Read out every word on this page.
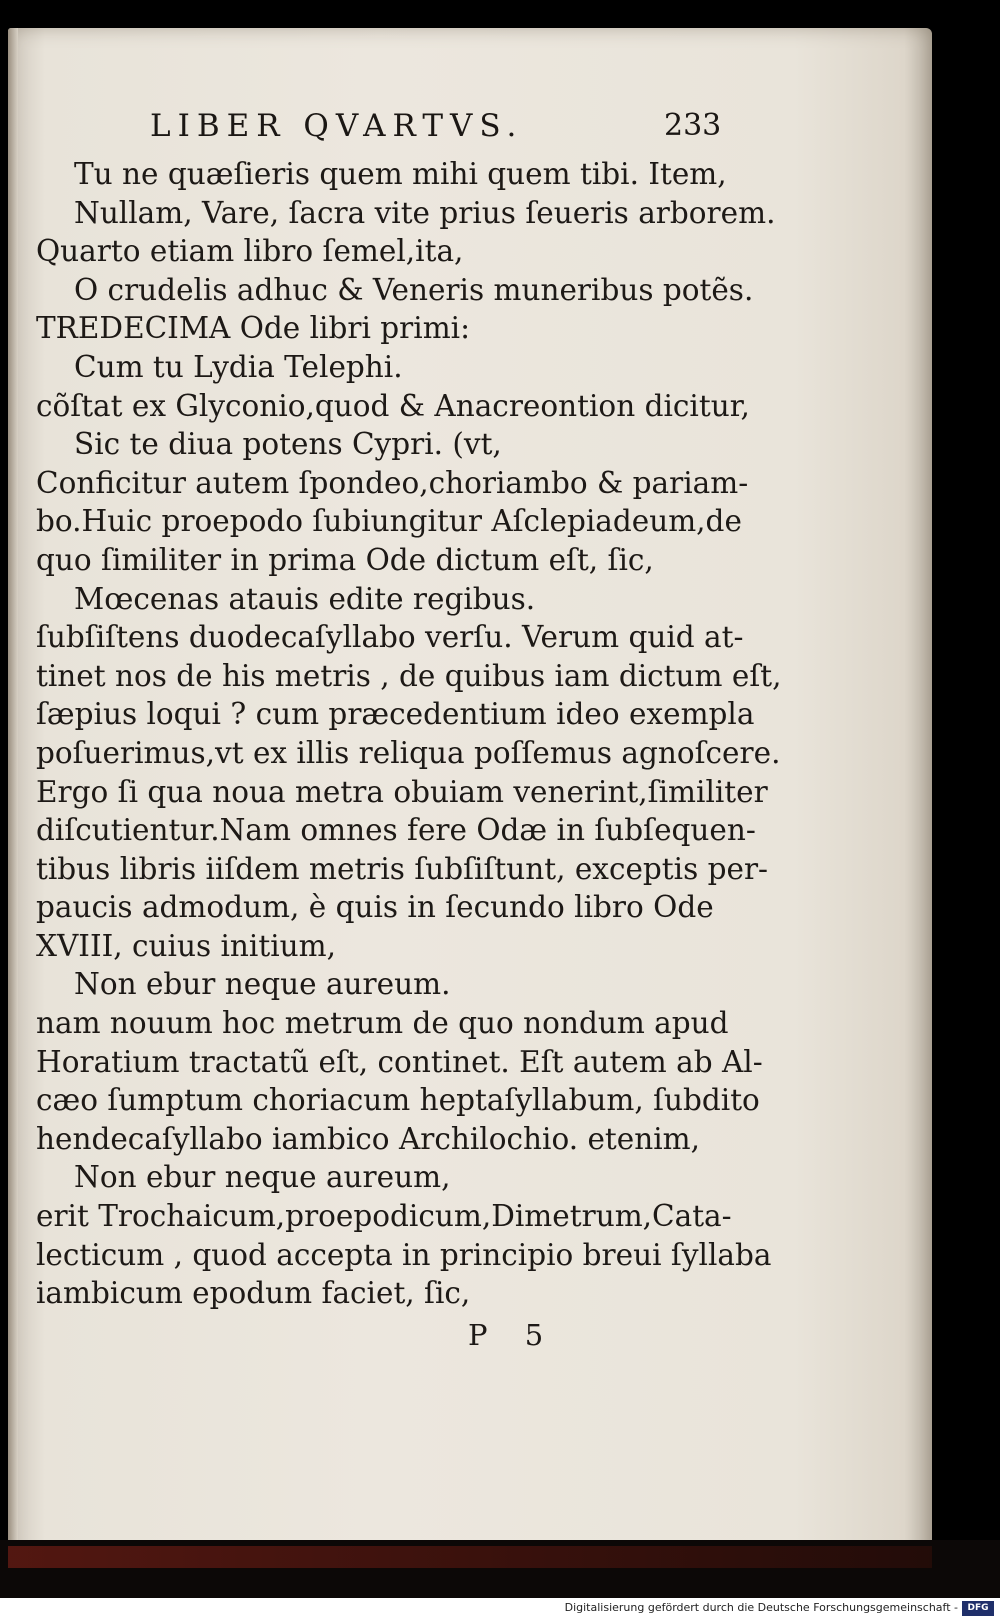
LIBER QVARTVS.	233
Tu ne quæſieris quem mihi quem tibi. Item,
Nullam, Vare, ſacra vite prius ſeueris arborem.
Quarto etiam libro ſemel,ita,
O crudelis adhuc & Veneris muneribus potẽs.
TREDECIMA Ode libri primi:
Cum tu Lydia Telephi.
cõſtat ex Glyconio,quod & Anacreontion dicitur,
Sic te diua potens Cypri. (vt,
Conficitur autem ſpondeo,choriambo & pariam-
bo.Huic proepodo ſubiungitur Aſclepiadeum,de
quo ſimiliter in prima Ode dictum eſt, ſic,
Mœcenas atauis edite regibus.
ſubſiſtens duodecaſyllabo verſu. Verum quid at-
tinet nos de his metris , de quibus iam dictum eſt,
ſæpius loqui ? cum præcedentium ideo exempla
poſuerimus,vt ex illis reliqua poſſemus agnoſcere.
Ergo ſi qua noua metra obuiam venerint,ſimiliter
diſcutientur.Nam omnes fere Odæ in ſubſequen-
tibus libris iiſdem metris ſubſiſtunt, exceptis per-
paucis admodum, è quis in ſecundo libro Ode
XVIII, cuius initium,
Non ebur neque aureum.
nam nouum hoc metrum de quo nondum apud
Horatium tractatũ eſt, continet. Eſt autem ab Al-
cæo ſumptum choriacum heptaſyllabum, ſubdito
hendecaſyllabo iambico Archilochio. etenim,
Non ebur neque aureum,
erit Trochaicum,proepodicum,Dimetrum,Cata-
lecticum , quod accepta in principio breui ſyllaba
iambicum epodum faciet, ſic,
P 5
Digitalisierung gefördert durch die Deutsche Forschungsgemeinschaft -	DFG
